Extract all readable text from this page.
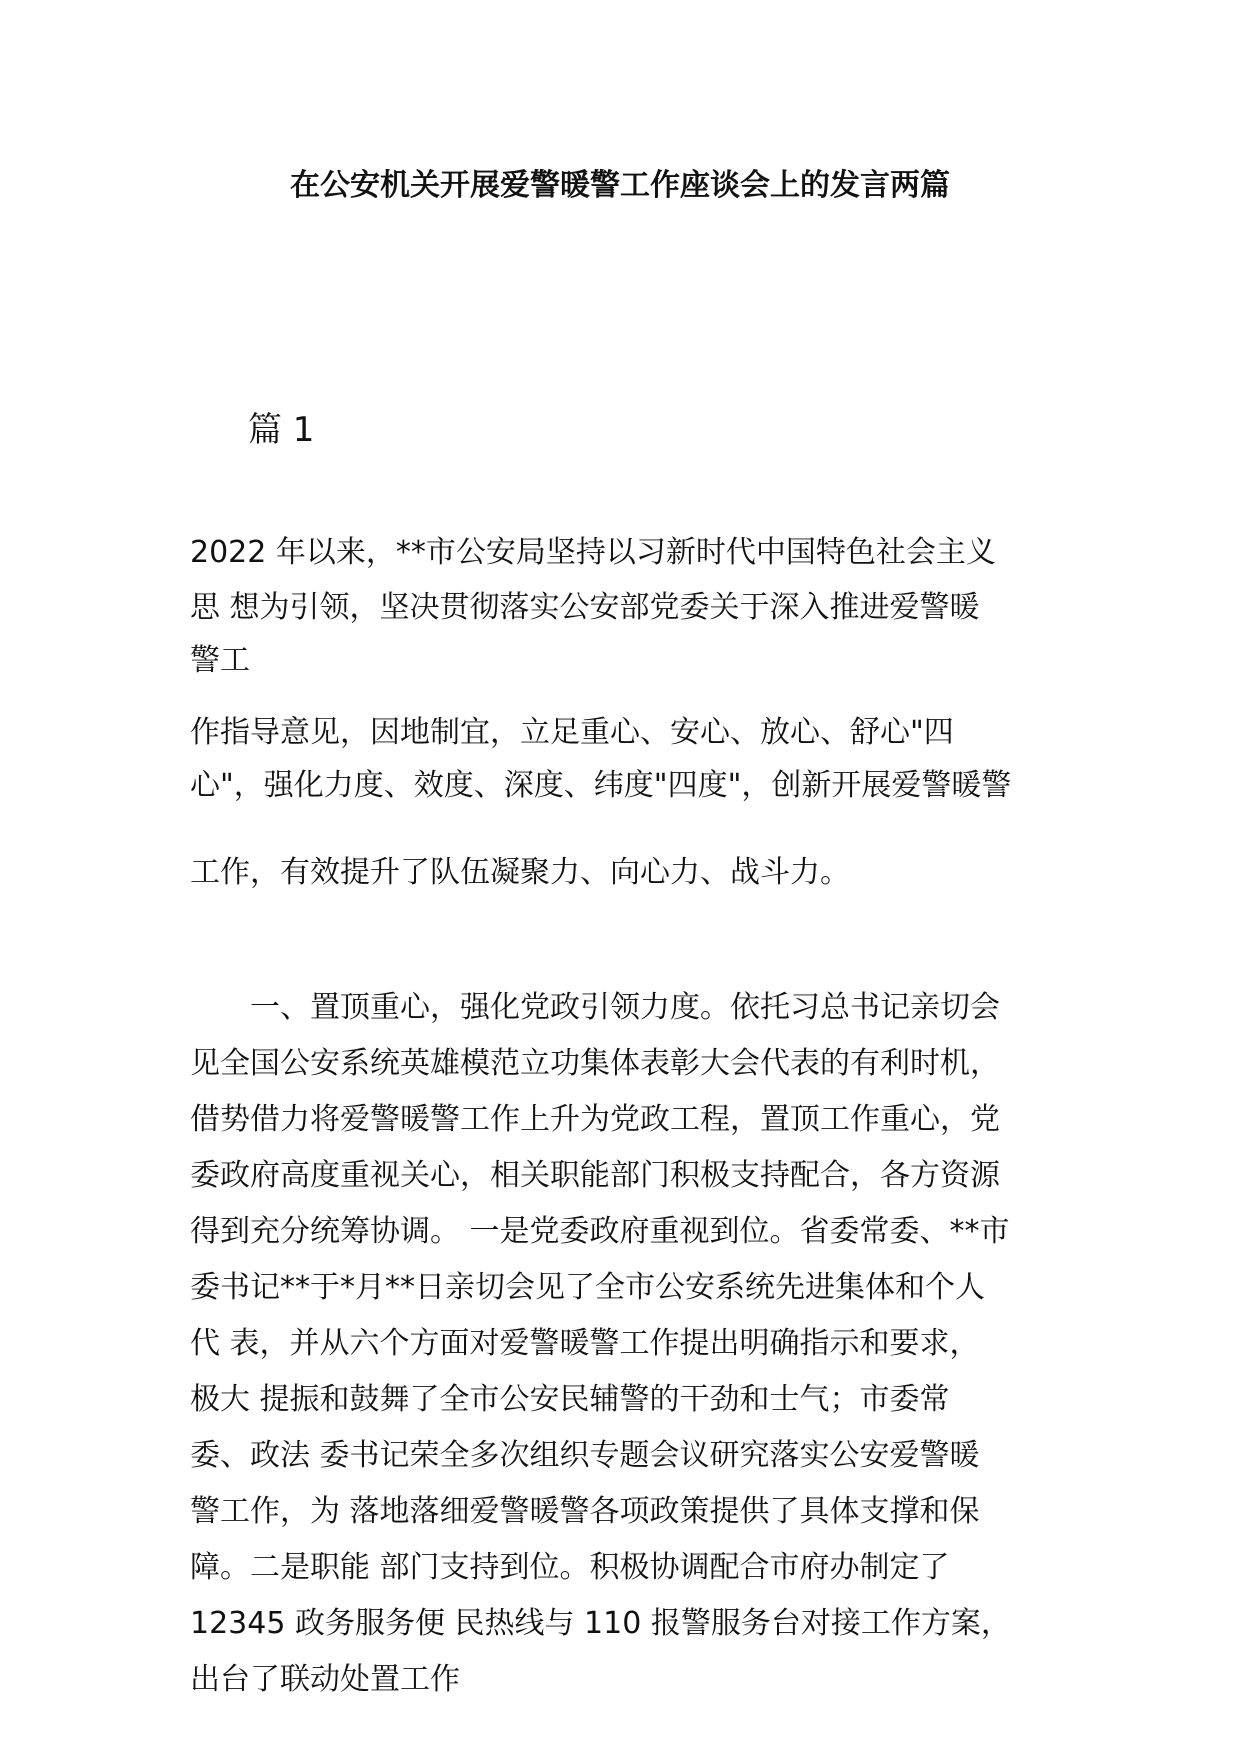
在公安机关开展爱警暖警工作座谈会上的发言两篇
篇 1

2022 年以来，**市公安局坚持以习新时代中国特色社会主义

思 想为引领，坚决贯彻落实公安部党委关于深入推进爱警暖

警工

作指导意见，因地制宜，立足重心、安心、放心、舒心"四

心"，强化力度、效度、深度、纬度"四度"，创新开展爱警暖警

工作，有效提升了队伍凝聚力、向心力、战斗力。

　　一、置顶重心，强化党政引领力度。依托习总书记亲切会

见全国公安系统英雄模范立功集体表彰大会代表的有利时机，

借势借力将爱警暖警工作上升为党政工程，置顶工作重心，党

委政府高度重视关心，相关职能部门积极支持配合，各方资源

得到充分统筹协调。 一是党委政府重视到位。省委常委、**市

委书记**于*月**日亲切会见了全市公安系统先进集体和个人

代 表，并从六个方面对爱警暖警工作提出明确指示和要求，

极大 提振和鼓舞了全市公安民辅警的干劲和士气；市委常

委、政法 委书记荣全多次组织专题会议研究落实公安爱警暖

警工作，为 落地落细爱警暖警各项政策提供了具体支撑和保

障。二是职能 部门支持到位。积极协调配合市府办制定了

12345 政务服务便 民热线与 110 报警服务台对接工作方案，

出台了联动处置工作
